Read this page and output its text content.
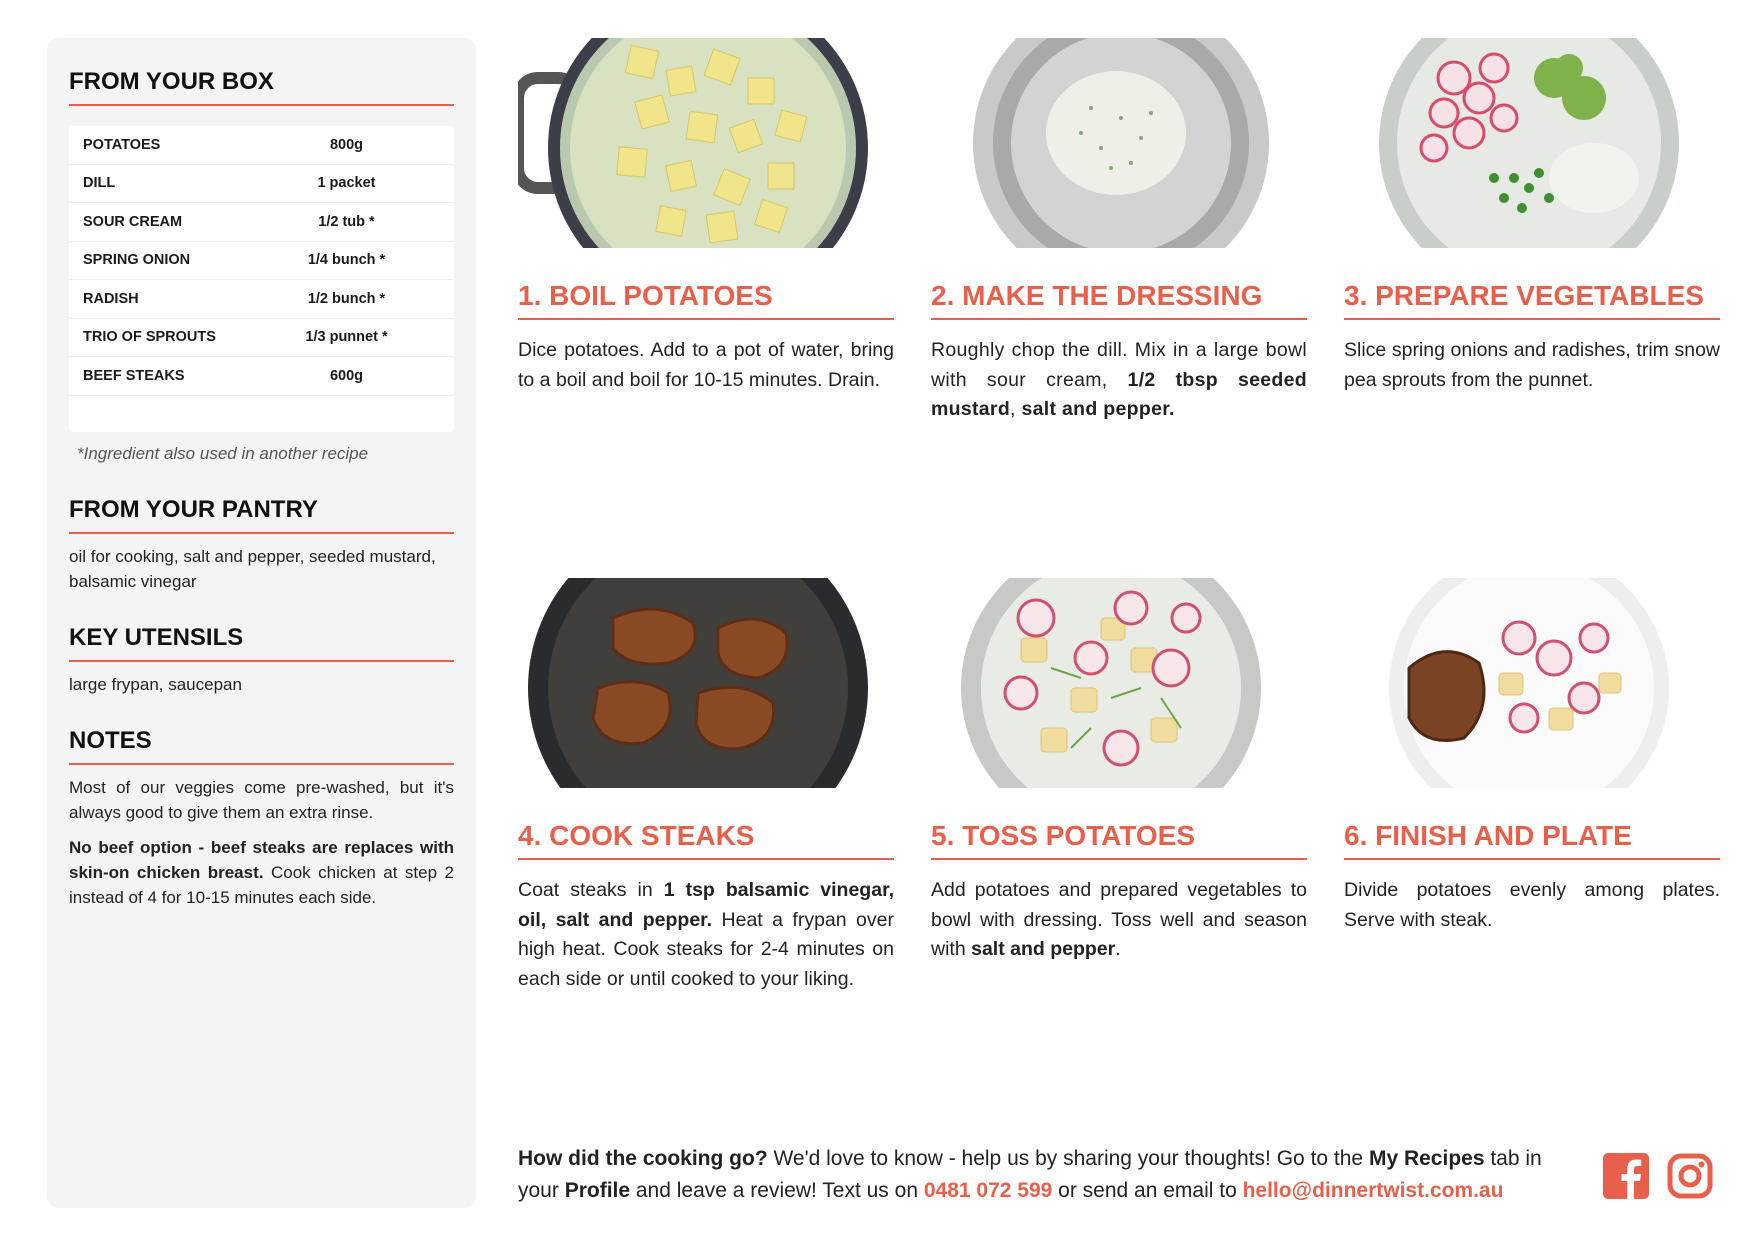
FROM YOUR BOX
POTATOES	800g
DILL	1 packet
SOUR CREAM	1/2 tub *
SPRING ONION	1/4 bunch *
RADISH	1/2 bunch *
TRIO OF SPROUTS	1/3 punnet *
BEEF STEAKS	600g
*Ingredient also used in another recipe
FROM YOUR PANTRY
oil for cooking, salt and pepper, seeded mustard, balsamic vinegar
KEY UTENSILS
large frypan, saucepan
NOTES
Most of our veggies come pre-washed, but it's always good to give them an extra rinse.
No beef option - beef steaks are replaces with skin-on chicken breast. Cook chicken at step 2 instead of 4 for 10-15 minutes each side.
1. BOIL POTATOES
Dice potatoes. Add to a pot of water, bring to a boil and boil for 10-15 minutes. Drain.
2. MAKE THE DRESSING
Roughly chop the dill. Mix in a large bowl with sour cream, 1/2 tbsp seeded mustard, salt and pepper.
3. PREPARE VEGETABLES
Slice spring onions and radishes, trim snow pea sprouts from the punnet.
4. COOK STEAKS
Coat steaks in 1 tsp balsamic vinegar, oil, salt and pepper. Heat a frypan over high heat. Cook steaks for 2-4 minutes on each side or until cooked to your liking.
5. TOSS POTATOES
Add potatoes and prepared vegetables to bowl with dressing. Toss well and season with salt and pepper.
6. FINISH AND PLATE
Divide potatoes evenly among plates. Serve with steak.
How did the cooking go? We'd love to know - help us by sharing your thoughts! Go to the My Recipes tab in your Profile and leave a review! Text us on 0481 072 599 or send an email to hello@dinnertwist.com.au
